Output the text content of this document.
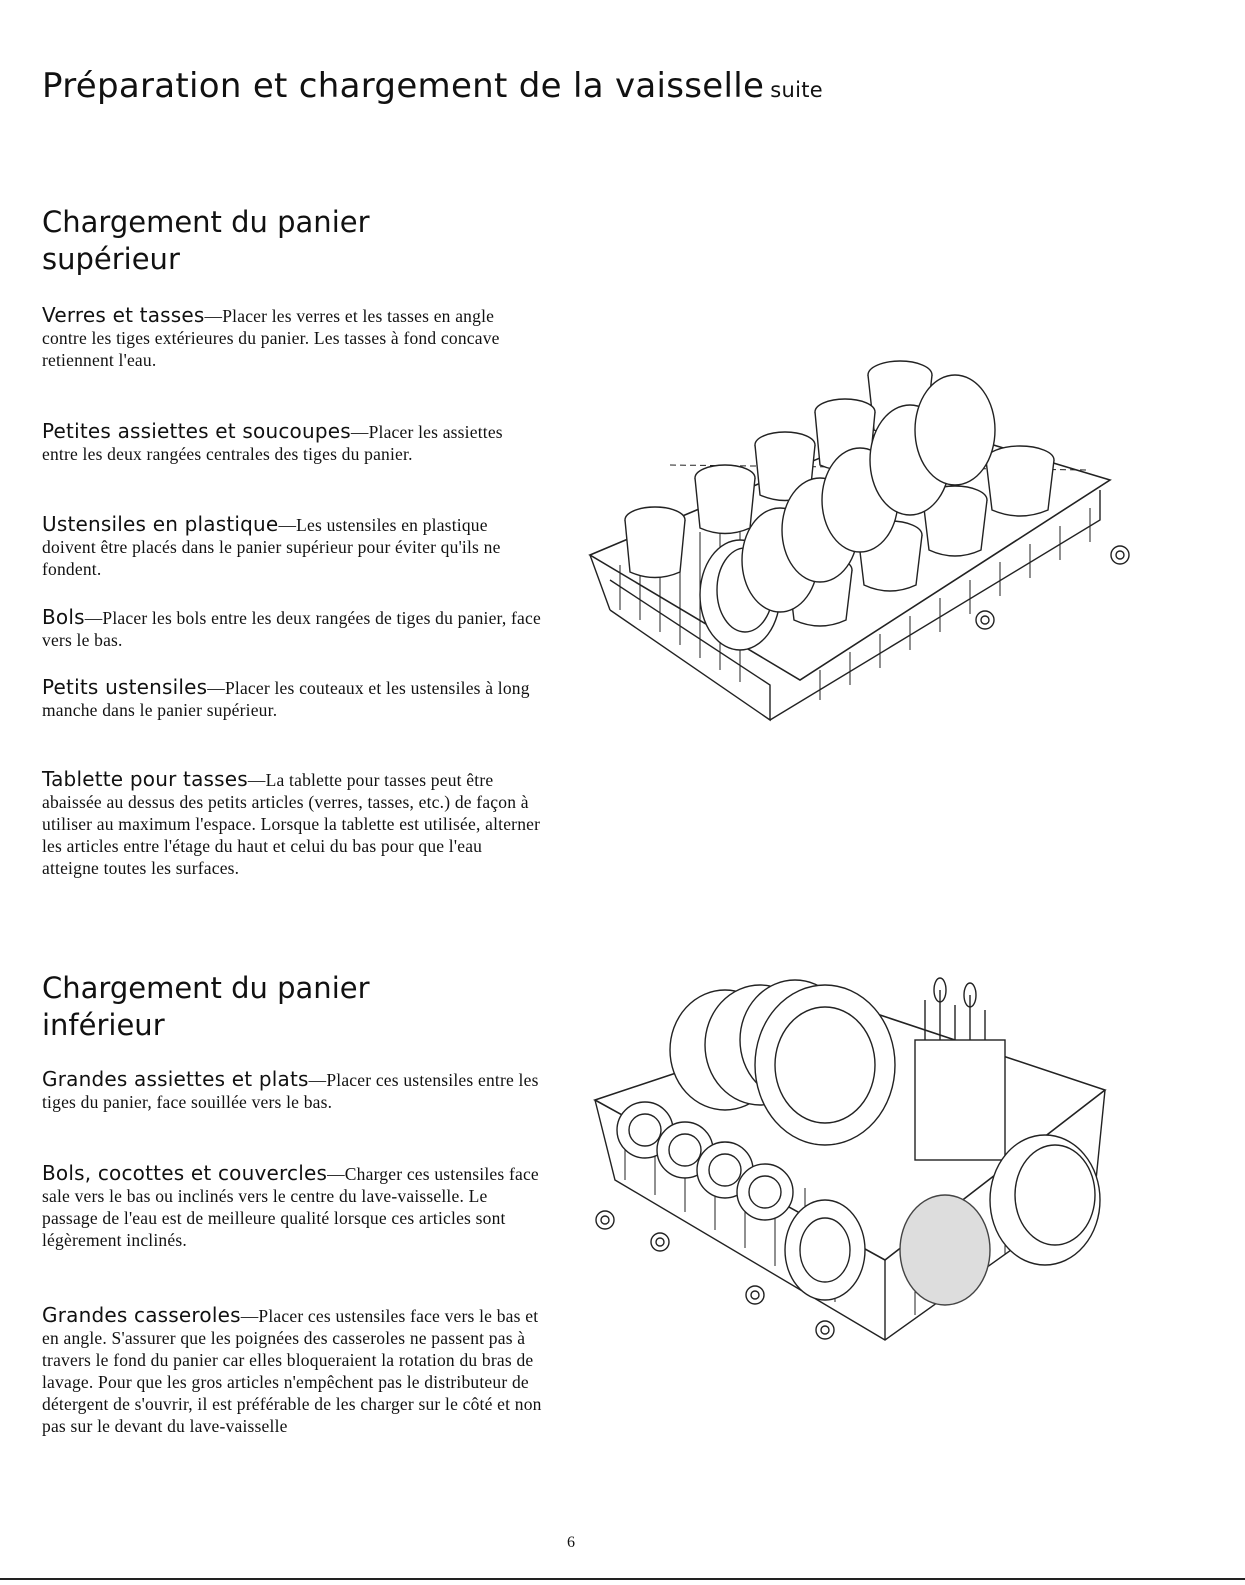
Préparation et chargement de la vaisselle suite
Chargement du panier
supérieur

Verres et tasses—Placer les verres et les tasses en angle contre les tiges extérieures du panier. Les tasses à fond concave retiennent l'eau.

Petites assiettes et soucoupes—Placer les assiettes entre les deux rangées centrales des tiges du panier.

Ustensiles en plastique—Les ustensiles en plastique doivent être placés dans le panier supérieur pour éviter qu'ils ne fondent.

Bols—Placer les bols entre les deux rangées de tiges du panier, face vers le bas.

Petits ustensiles—Placer les couteaux et les ustensiles à long manche dans le panier supérieur.

Tablette pour tasses—La tablette pour tasses peut être abaissée au dessus des petits articles (verres, tasses, etc.) de façon à utiliser au maximum l'espace. Lorsque la tablette est utilisée, alterner les articles entre l'étage du haut et celui du bas pour que l'eau atteigne toutes les surfaces.

Chargement du panier
inférieur

Grandes assiettes et plats—Placer ces ustensiles entre les tiges du panier, face souillée vers le bas.

Bols, cocottes et couvercles—Charger ces ustensiles face sale vers le bas ou inclinés vers le centre du lave-vaisselle. Le passage de l'eau est de meilleure qualité lorsque ces articles sont légèrement inclinés.

Grandes casseroles—Placer ces ustensiles face vers le bas et en angle. S'assurer que les poignées des casseroles ne passent pas à travers le fond du panier car elles bloqueraient la rotation du bras de lavage. Pour que les gros articles n'empêchent pas le distributeur de détergent de s'ouvrir, il est préférable de les charger sur le côté et non pas sur le devant du lave-vaisselle

6
